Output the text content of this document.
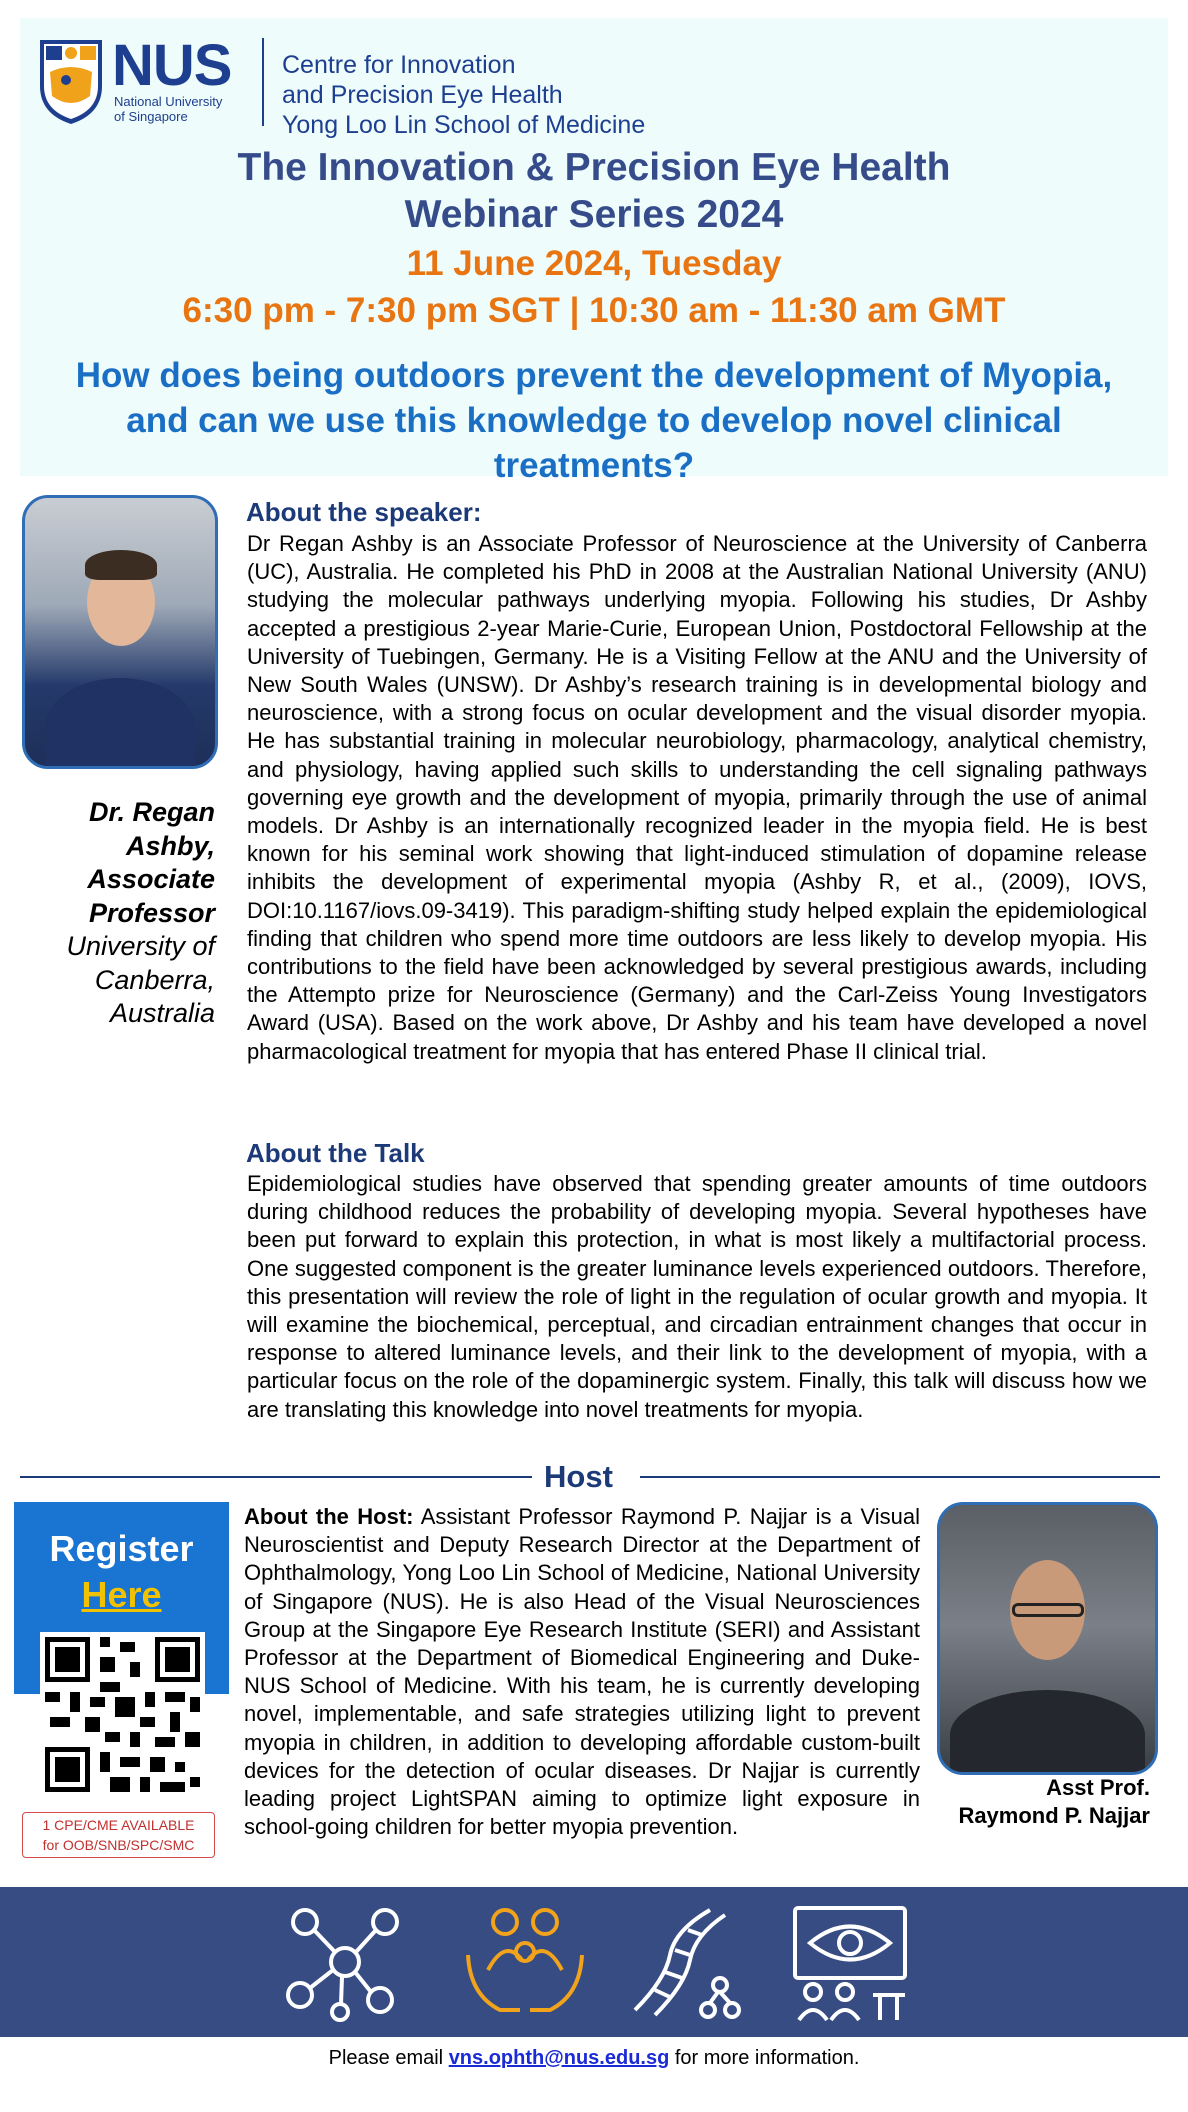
NUS
National University
of Singapore
Centre for Innovation
and Precision Eye Health
Yong Loo Lin School of Medicine
The Innovation & Precision Eye Health
Webinar Series 2024
11 June 2024, Tuesday
6:30 pm - 7:30 pm SGT | 10:30 am - 11:30 am GMT
How does being outdoors prevent the development of Myopia, and can we use this knowledge to develop novel clinical treatments?
Dr. Regan
Ashby,
Associate
Professor
University of
Canberra,
Australia
About the speaker:
Dr Regan Ashby is an Associate Professor of Neuroscience at the University of Canberra (UC), Australia. He completed his PhD in 2008 at the Australian National University (ANU) studying the molecular pathways underlying myopia. Following his studies, Dr Ashby accepted a prestigious 2-year Marie-Curie, European Union, Postdoctoral Fellowship at the University of Tuebingen, Germany. He is a Visiting Fellow at the ANU and the University of New South Wales (UNSW). Dr Ashby’s research training is in developmental biology and neuroscience, with a strong focus on ocular development and the visual disorder myopia. He has substantial training in molecular neurobiology, pharmacology, analytical chemistry, and physiology, having applied such skills to understanding the cell signaling pathways governing eye growth and the development of myopia, primarily through the use of animal models. Dr Ashby is an internationally recognized leader in the myopia field. He is best known for his seminal work showing that light-induced stimulation of dopamine release inhibits the development of experimental myopia (Ashby R, et al., (2009), IOVS, DOI:10.1167/iovs.09-3419). This paradigm-shifting study helped explain the epidemiological finding that children who spend more time outdoors are less likely to develop myopia. His contributions to the field have been acknowledged by several prestigious awards, including the Attempto prize for Neuroscience (Germany) and the Carl-Zeiss Young Investigators Award (USA). Based on the work above, Dr Ashby and his team have developed a novel pharmacological treatment for myopia that has entered Phase II clinical trial.
About the Talk
Epidemiological studies have observed that spending greater amounts of time outdoors during childhood reduces the probability of developing myopia. Several hypotheses have been put forward to explain this protection, in what is most likely a multifactorial process. One suggested component is the greater luminance levels experienced outdoors. Therefore, this presentation will review the role of light in the regulation of ocular growth and myopia. It will examine the biochemical, perceptual, and circadian entrainment changes that occur in response to altered luminance levels, and their link to the development of myopia, with a particular focus on the role of the dopaminergic system. Finally, this talk will discuss how we are translating this knowledge into novel treatments for myopia.
Host
Register
Here
1 CPE/CME AVAILABLE
for OOB/SNB/SPC/SMC
About the Host: Assistant Professor Raymond P. Najjar is a Visual Neuroscientist and Deputy Research Director at the Department of Ophthalmology, Yong Loo Lin School of Medicine, National University of Singapore (NUS). He is also Head of the Visual Neurosciences Group at the Singapore Eye Research Institute (SERI) and Assistant Professor at the Department of Biomedical Engineering and Duke-NUS School of Medicine. With his team, he is currently developing novel, implementable, and safe strategies utilizing light to prevent myopia in children, in addition to developing affordable custom-built devices for the detection of ocular diseases. Dr Najjar is currently leading project LightSPAN aiming to optimize light exposure in school-going children for better myopia prevention.
Asst Prof.
Raymond P. Najjar
Please email vns.ophth@nus.edu.sg for more information.
